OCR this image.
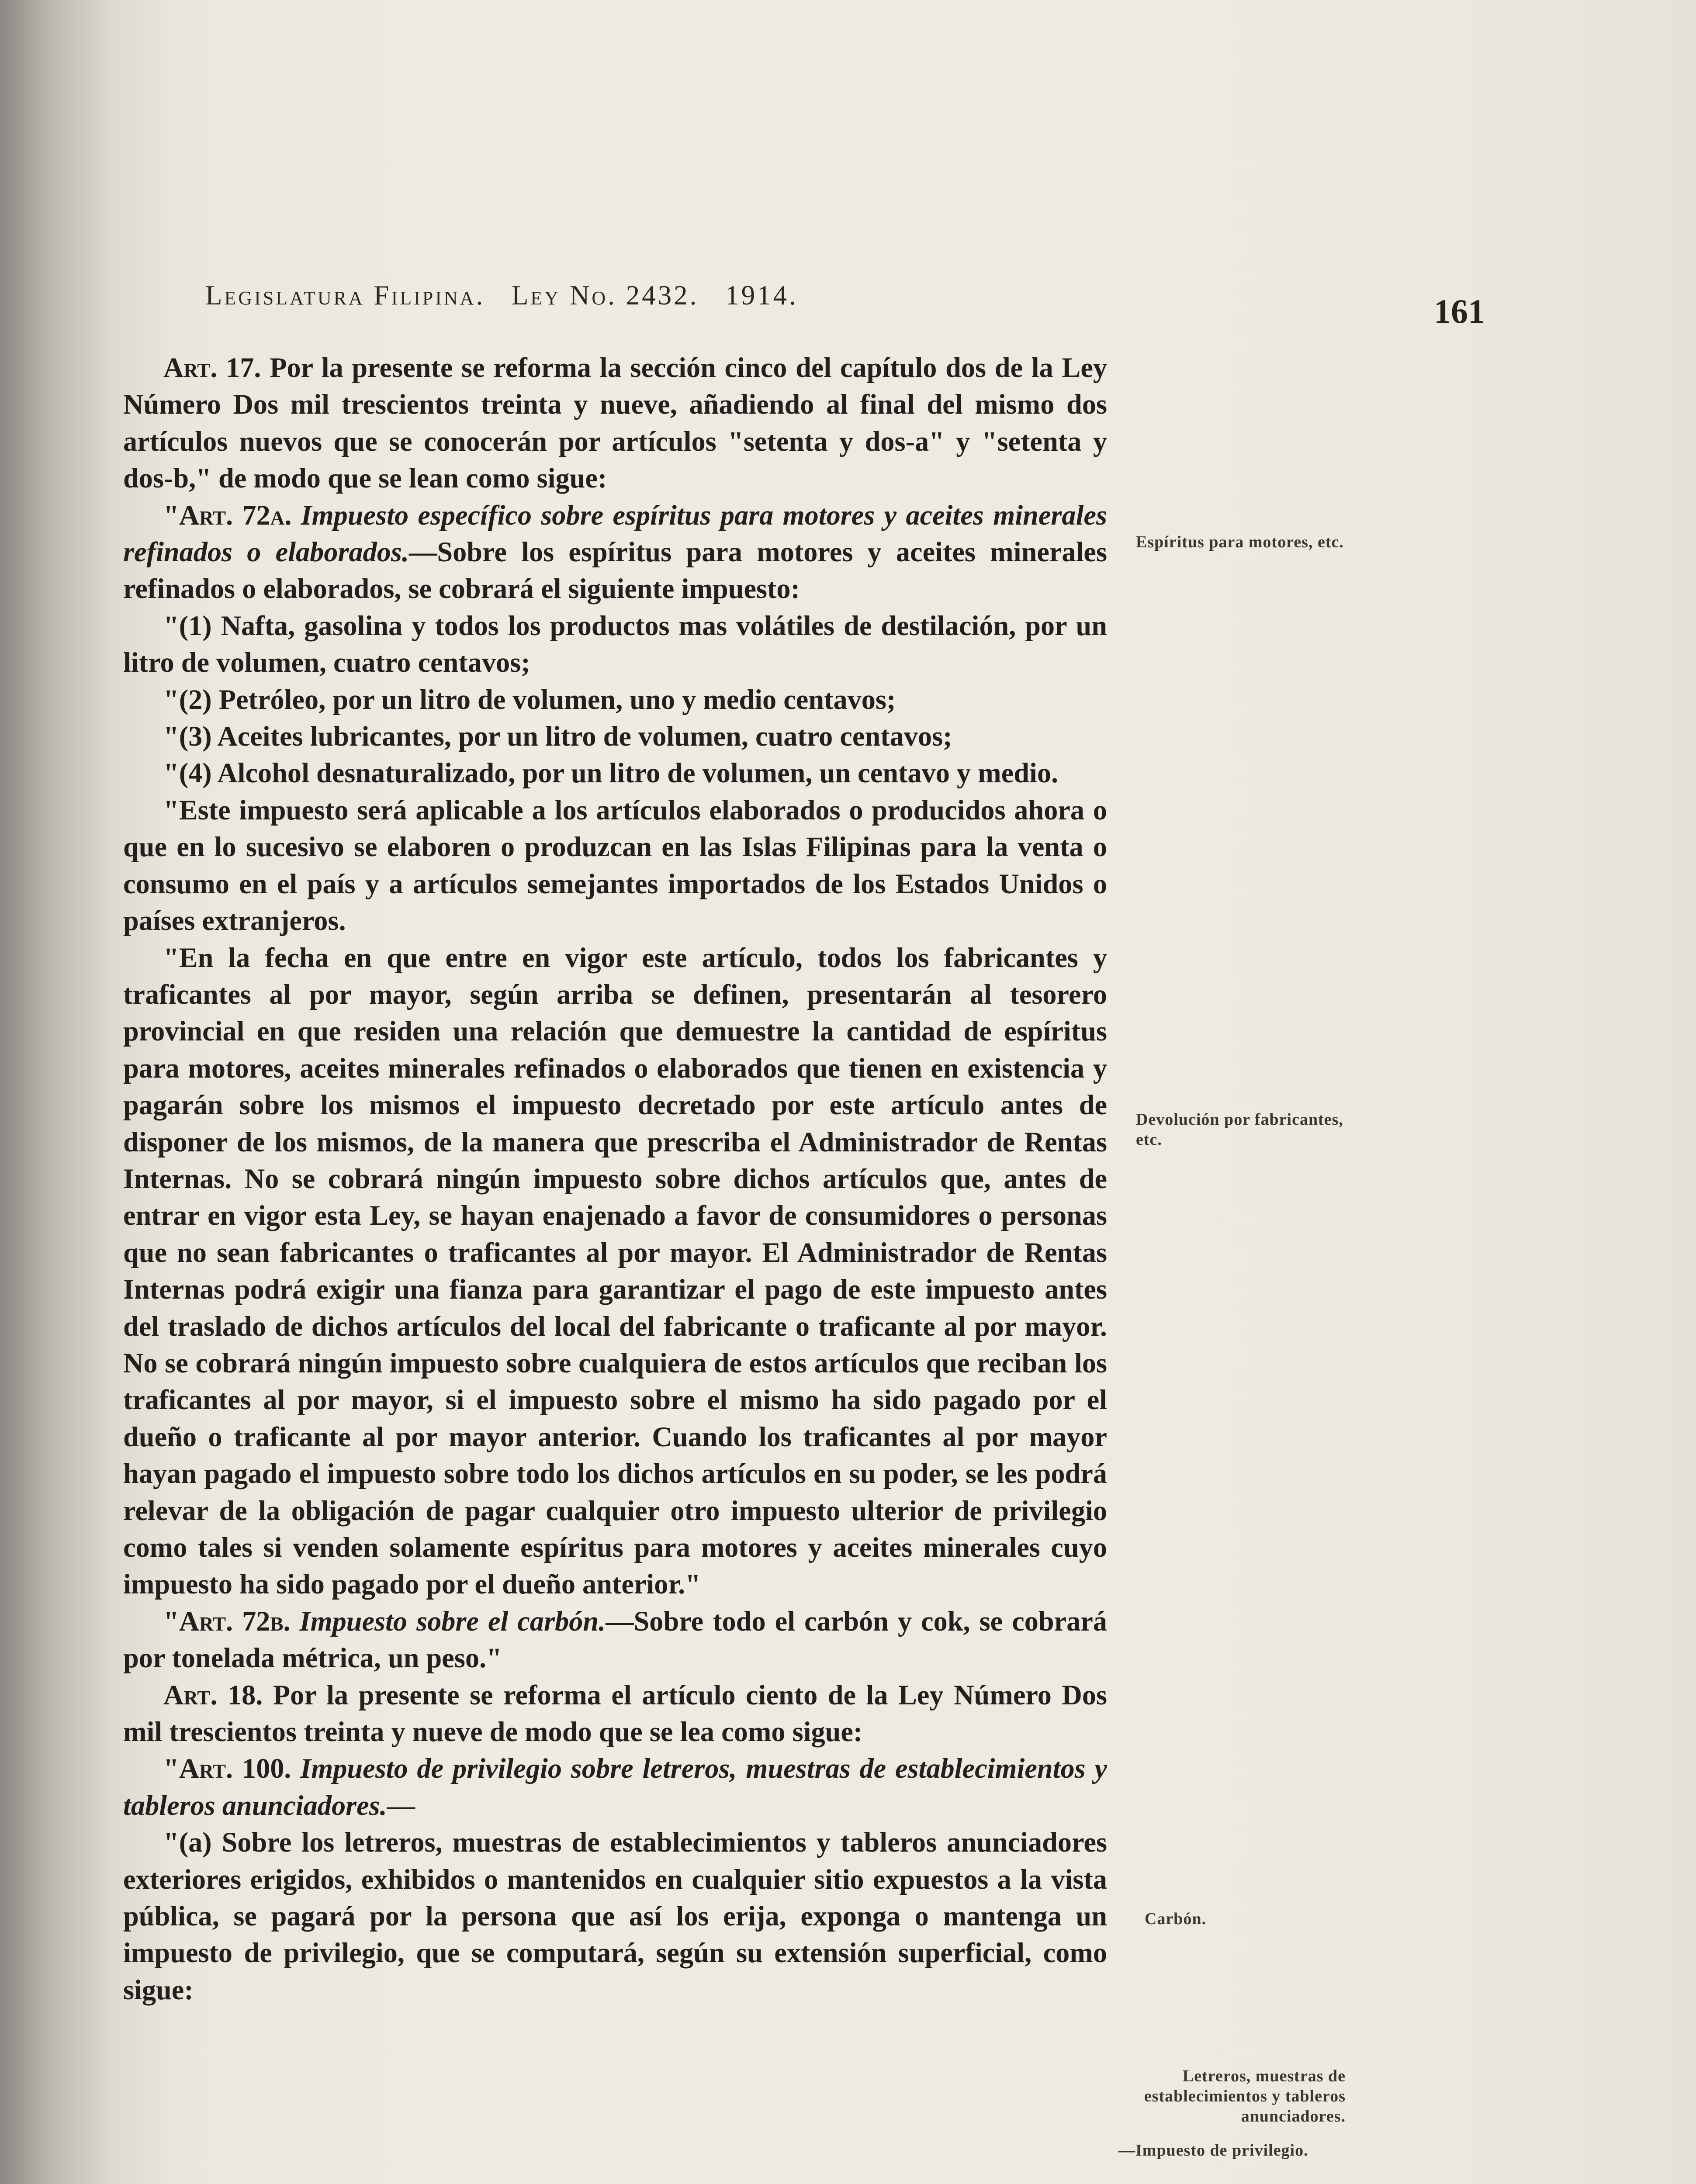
Legislatura Filipina. Ley No. 2432. 1914.	161

Art. 17. Por la presente se reforma la sección cinco del capítulo dos de la Ley Número Dos mil trescientos treinta y nueve, añadiendo al final del mismo dos artículos nuevos que se conocerán por artículos "setenta y dos-a" y "setenta y dos-b," de modo que se lean como sigue:

"Art. 72a. Impuesto específico sobre espíritus para motores y aceites minerales refinados o elaborados.—Sobre los espíritus para motores y aceites minerales refinados o elaborados, se cobrará el siguiente impuesto:

"(1) Nafta, gasolina y todos los productos mas volátiles de destilación, por un litro de volumen, cuatro centavos;

"(2) Petróleo, por un litro de volumen, uno y medio centavos;

"(3) Aceites lubricantes, por un litro de volumen, cuatro centavos;

"(4) Alcohol desnaturalizado, por un litro de volumen, un centavo y medio.

"Este impuesto será aplicable a los artículos elaborados o producidos ahora o que en lo sucesivo se elaboren o produzcan en las Islas Filipinas para la venta o consumo en el país y a artículos semejantes importados de los Estados Unidos o países extranjeros.

"En la fecha en que entre en vigor este artículo, todos los fabricantes y traficantes al por mayor, según arriba se definen, presentarán al tesorero provincial en que residen una relación que demuestre la cantidad de espíritus para motores, aceites minerales refinados o elaborados que tienen en existencia y pagarán sobre los mismos el impuesto decretado por este artículo antes de disponer de los mismos, de la manera que prescriba el Administrador de Rentas Internas. No se cobrará ningún impuesto sobre dichos artículos que, antes de entrar en vigor esta Ley, se hayan enajenado a favor de consumidores o personas que no sean fabricantes o traficantes al por mayor. El Administrador de Rentas Internas podrá exigir una fianza para garantizar el pago de este impuesto antes del traslado de dichos artículos del local del fabricante o traficante al por mayor. No se cobrará ningún impuesto sobre cualquiera de estos artículos que reciban los traficantes al por mayor, si el impuesto sobre el mismo ha sido pagado por el dueño o traficante al por mayor anterior. Cuando los traficantes al por mayor hayan pagado el impuesto sobre todo los dichos artículos en su poder, se les podrá relevar de la obligación de pagar cualquier otro impuesto ulterior de privilegio como tales si venden solamente espíritus para motores y aceites minerales cuyo impuesto ha sido pagado por el dueño anterior."

"Art. 72b. Impuesto sobre el carbón.—Sobre todo el carbón y cok, se cobrará por tonelada métrica, un peso."

Art. 18. Por la presente se reforma el artículo ciento de la Ley Número Dos mil trescientos treinta y nueve de modo que se lea como sigue:

"Art. 100. Impuesto de privilegio sobre letreros, muestras de establecimientos y tableros anunciadores.—

"(a) Sobre los letreros, muestras de establecimientos y tableros anunciadores exteriores erigidos, exhibidos o mantenidos en cualquier sitio expuestos a la vista pública, se pagará por la persona que así los erija, exponga o mantenga un impuesto de privilegio, que se computará, según su extensión superficial, como sigue:

Espíritus para motores, etc.
Devolución por fabricantes, etc.
Carbón.
Letreros, muestras de establecimientos y tableros anunciadores.
—Impuesto de privilegio.
